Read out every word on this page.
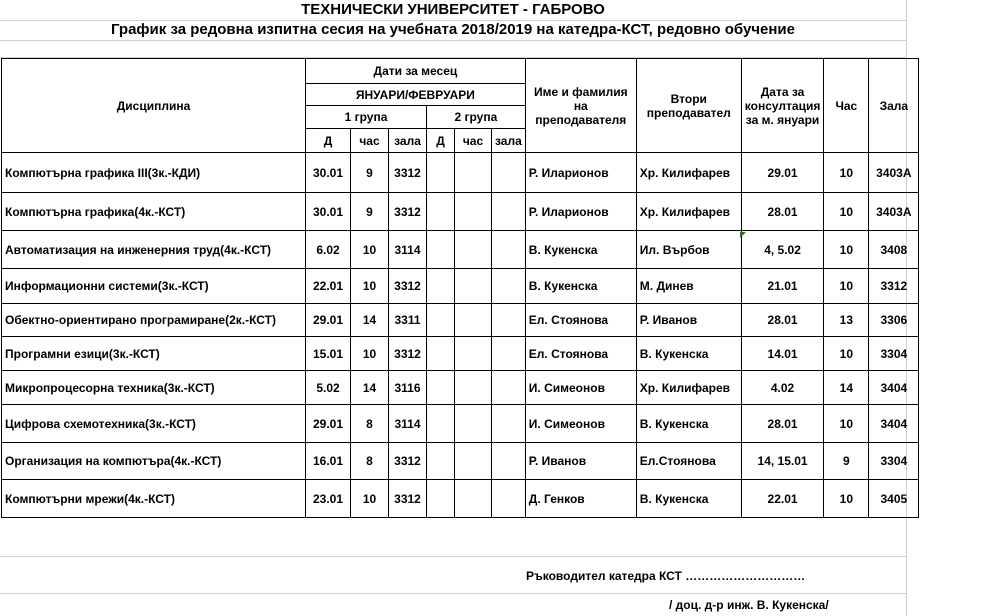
ТЕХНИЧЕСКИ УНИВЕРСИТЕТ - ГАБРОВО
График за редовна изпитна сесия на учебната 2018/2019 на катедра-КСТ, редовно обучение
Дисциплина	Дати за месец						Име и фамилия на преподавателя	Втори преподавател	Дата за консултация за м. януари	Час	Зала
	ЯНУАРИ/ФЕВРУАРИ										
	1 група			2 група							
	Д	час	зала	Д	час	зала					
Компютърна графика III(3к.-КДИ)	30.01	9	3312				Р. Иларионов	Хр. Килифарев	29.01	10	3403А
Компютърна графика(4к.-КСТ)	30.01	9	3312				Р. Иларионов	Хр. Килифарев	28.01	10	3403А
Автоматизация на инженерния труд(4к.-КСТ)	6.02	10	3114				В. Кукенска	Ил. Върбов	4, 5.02	10	3408
Информационни системи(3к.-КСТ)	22.01	10	3312				В. Кукенска	М. Динев	21.01	10	3312
Обектно-ориентирано програмиране(2к.-КСТ)	29.01	14	3311				Ел. Стоянова	Р. Иванов	28.01	13	3306
Програмни езици(3к.-КСТ)	15.01	10	3312				Ел. Стоянова	В. Кукенска	14.01	10	3304
Микропроцесорна техника(3к.-КСТ)	5.02	14	3116				И. Симеонов	Хр. Килифарев	4.02	14	3404
Цифрова схемотехника(3к.-КСТ)	29.01	8	3114				И. Симеонов	В. Кукенска	28.01	10	3404
Организация на компютъра(4к.-КСТ)	16.01	8	3312				Р. Иванов	Ел.Стоянова	14, 15.01	9	3304
Компютърни мрежи(4к.-КСТ)	23.01	10	3312				Д. Генков	В. Кукенска	22.01	10	3405

Ръководител катедра КСТ …………………………
/ доц. д-р инж. В. Кукенска/
